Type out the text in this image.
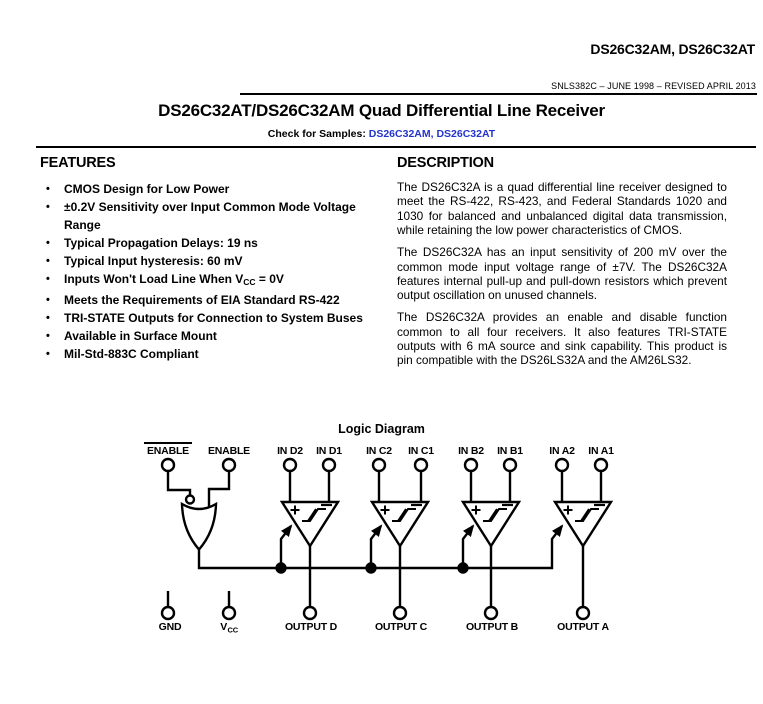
DS26C32AM, DS26C32AT
SNLS382C – JUNE 1998 – REVISED APRIL 2013
DS26C32AT/DS26C32AM Quad Differential Line Receiver
Check for Samples: DS26C32AM, DS26C32AT
FEATURES
•	CMOS Design for Low Power
•	±0.2V Sensitivity over Input Common Mode Voltage Range
•	Typical Propagation Delays: 19 ns
•	Typical Input hysteresis: 60 mV
•	Inputs Won't Load Line When $V_{CC} = 0V$
•	Meets the Requirements of EIA Standard RS-422
•	TRI-STATE Outputs for Connection to System Buses
•	Available in Surface Mount
•	Mil-Std-883C Compliant
DESCRIPTION

The DS26C32A is a quad differential line receiver designed to meet the RS-422, RS-423, and Federal Standards 1020 and 1030 for balanced and unbalanced digital data transmission, while retaining the low power characteristics of CMOS.

The DS26C32A has an input sensitivity of 200 mV over the common mode input voltage range of ±7V. The DS26C32A features internal pull-up and pull-down resistors which prevent output oscillation on unused channels.

The DS26C32A provides an enable and disable function common to all four receivers. It also features TRI-STATE outputs with 6 mA source and sink capability. This product is pin compatible with the DS26LS32A and the AM26LS32.

Logic Diagram
ENABLE ENABLE	IN D2 IN D1 IN C2 IN C1 IN B2 IN B1	IN A2 IN A1
GND	V CC	OUTPUT D	OUTPUT C	OUTPUT B	OUTPUT A
